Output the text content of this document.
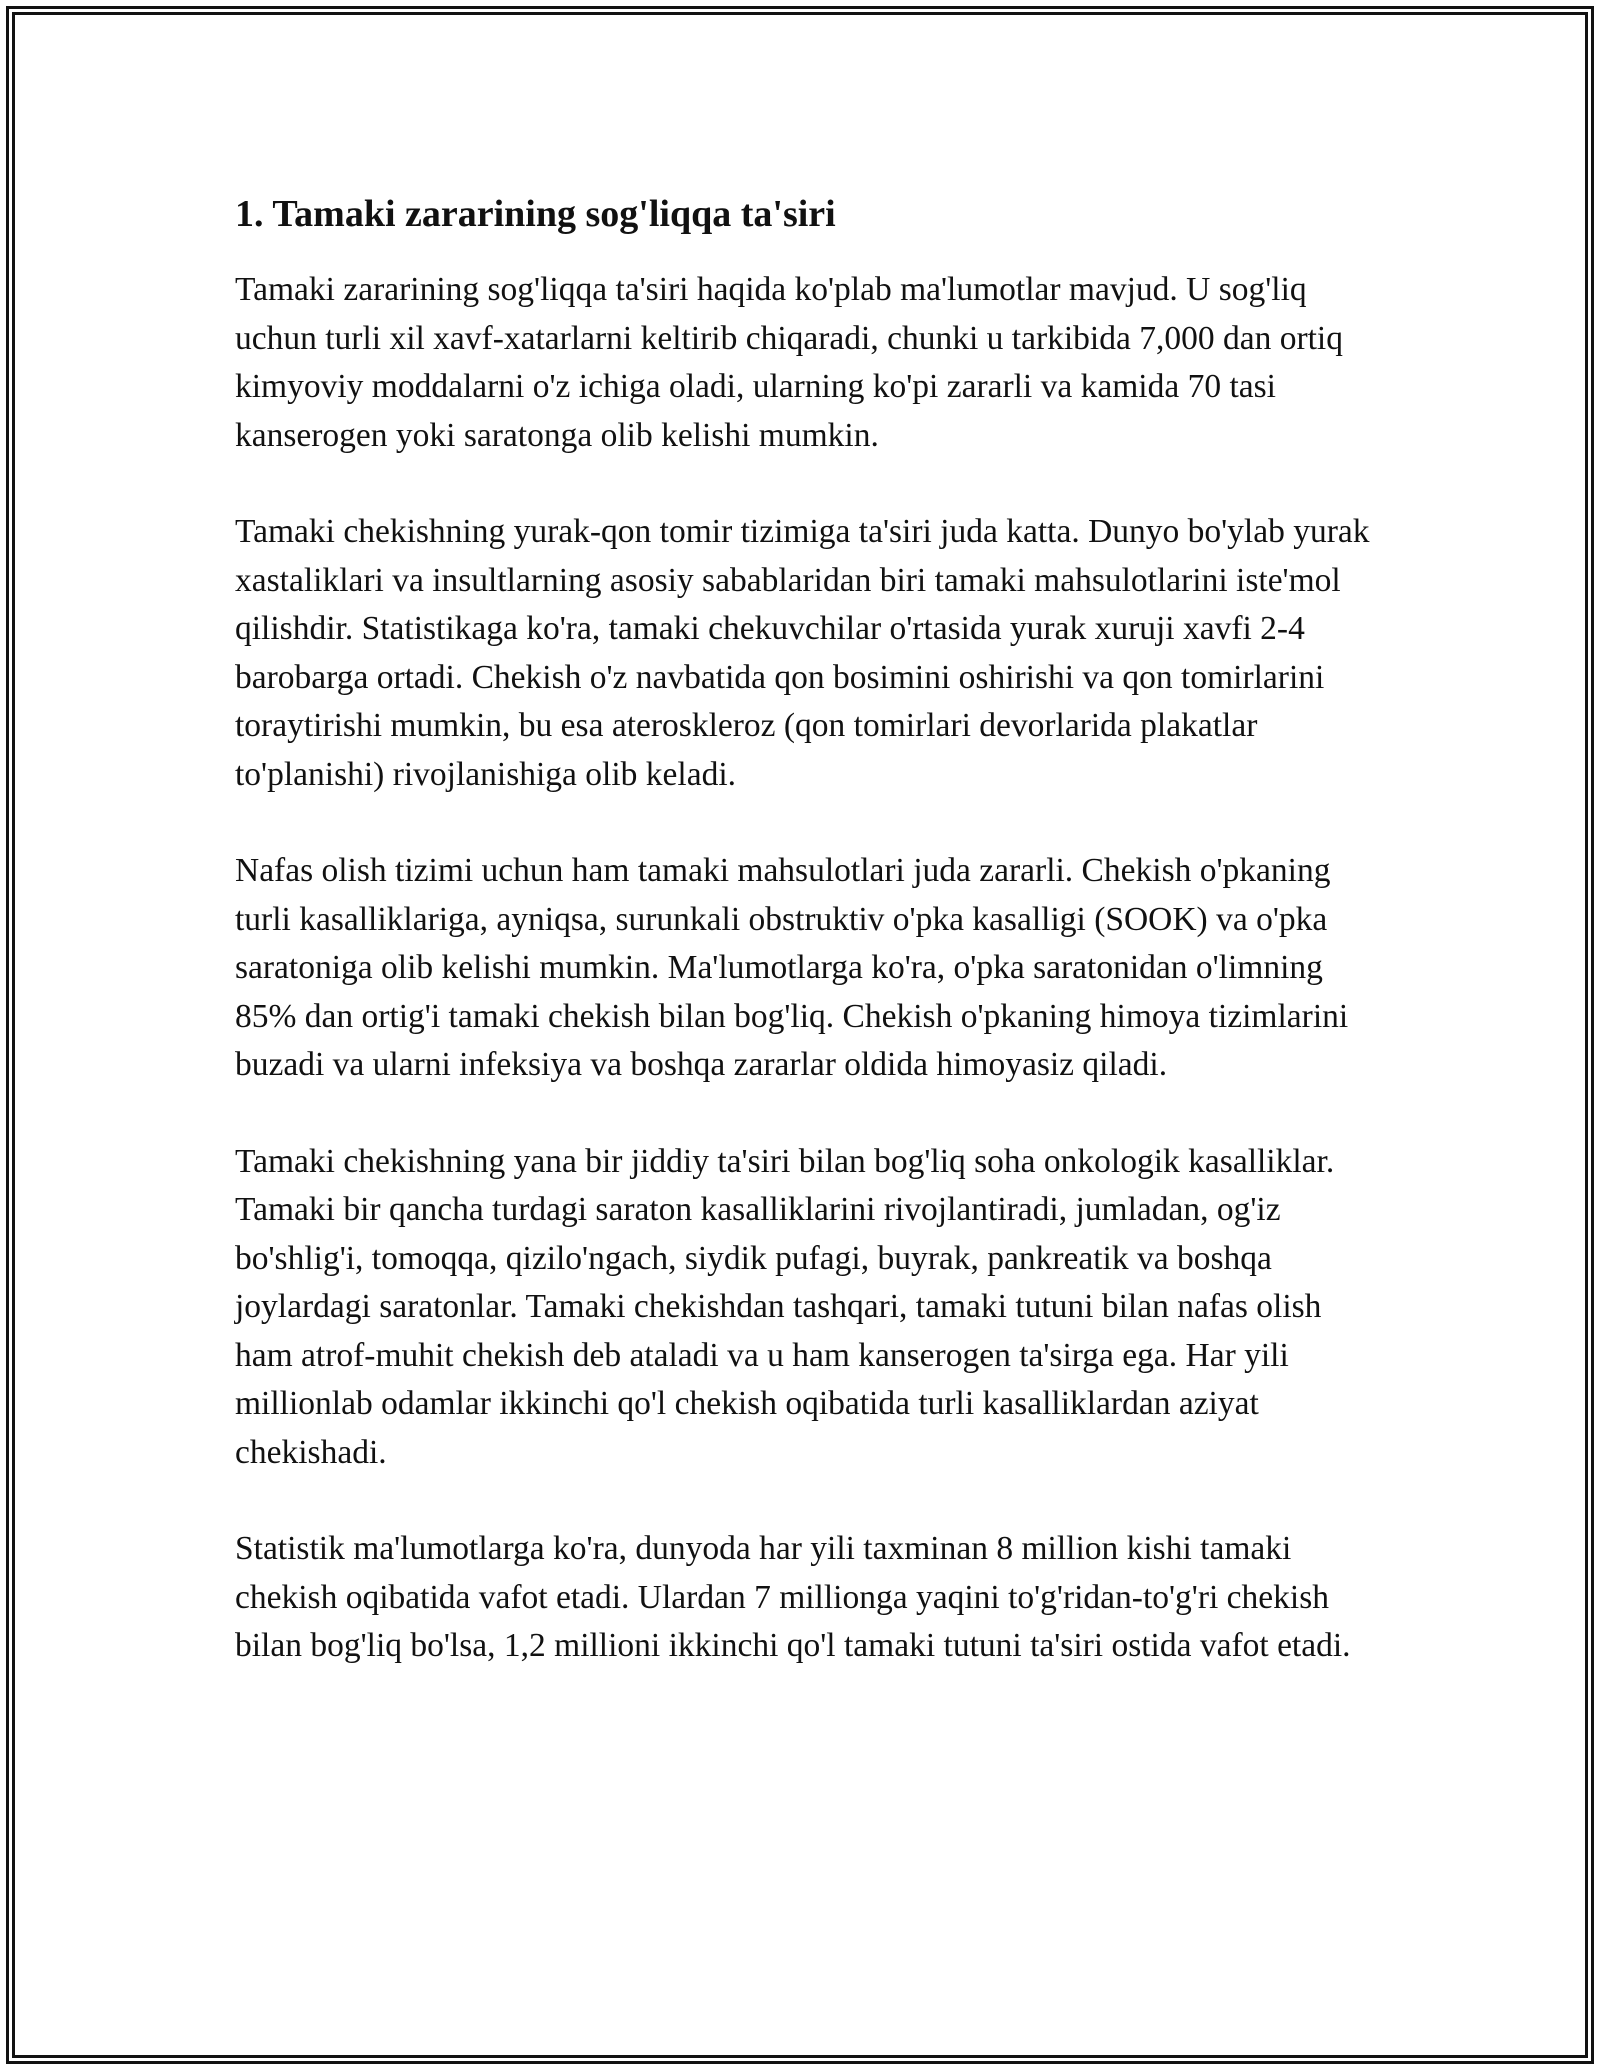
1. Tamaki zararining sog'liqqa ta'siri

Tamaki zararining sog'liqqa ta'siri haqida ko'plab ma'lumotlar mavjud. U sog'liq uchun turli xil xavf-xatarlarni keltirib chiqaradi, chunki u tarkibida 7,000 dan ortiq kimyoviy moddalarni o'z ichiga oladi, ularning ko'pi zararli va kamida 70 tasi kanserogen yoki saratonga olib kelishi mumkin.

Tamaki chekishning yurak-qon tomir tizimiga ta'siri juda katta. Dunyo bo'ylab yurak xastaliklari va insultlarning asosiy sabablaridan biri tamaki mahsulotlarini iste'mol qilishdir. Statistikaga ko'ra, tamaki chekuvchilar o'rtasida yurak xuruji xavfi 2-4 barobarga ortadi. Chekish o'z navbatida qon bosimini oshirishi va qon tomirlarini toraytirishi mumkin, bu esa ateroskleroz (qon tomirlari devorlarida plakatlar to'planishi) rivojlanishiga olib keladi.

Nafas olish tizimi uchun ham tamaki mahsulotlari juda zararli. Chekish o'pkaning turli kasalliklariga, ayniqsa, surunkali obstruktiv o'pka kasalligi (SOOK) va o'pka saratoniga olib kelishi mumkin. Ma'lumotlarga ko'ra, o'pka saratonidan o'limning 85% dan ortig'i tamaki chekish bilan bog'liq. Chekish o'pkaning himoya tizimlarini buzadi va ularni infeksiya va boshqa zararlar oldida himoyasiz qiladi.

Tamaki chekishning yana bir jiddiy ta'siri bilan bog'liq soha onkologik kasalliklar. Tamaki bir qancha turdagi saraton kasalliklarini rivojlantiradi, jumladan, og'iz bo'shlig'i, tomoqqa, qizilo'ngach, siydik pufagi, buyrak, pankreatik va boshqa joylardagi saratonlar. Tamaki chekishdan tashqari, tamaki tutuni bilan nafas olish ham atrof-muhit chekish deb ataladi va u ham kanserogen ta'sirga ega. Har yili millionlab odamlar ikkinchi qo'l chekish oqibatida turli kasalliklardan aziyat chekishadi.

Statistik ma'lumotlarga ko'ra, dunyoda har yili taxminan 8 million kishi tamaki chekish oqibatida vafot etadi. Ulardan 7 millionga yaqini to'g'ridan-to'g'ri chekish bilan bog'liq bo'lsa, 1,2 millioni ikkinchi qo'l tamaki tutuni ta'siri ostida vafot etadi.
